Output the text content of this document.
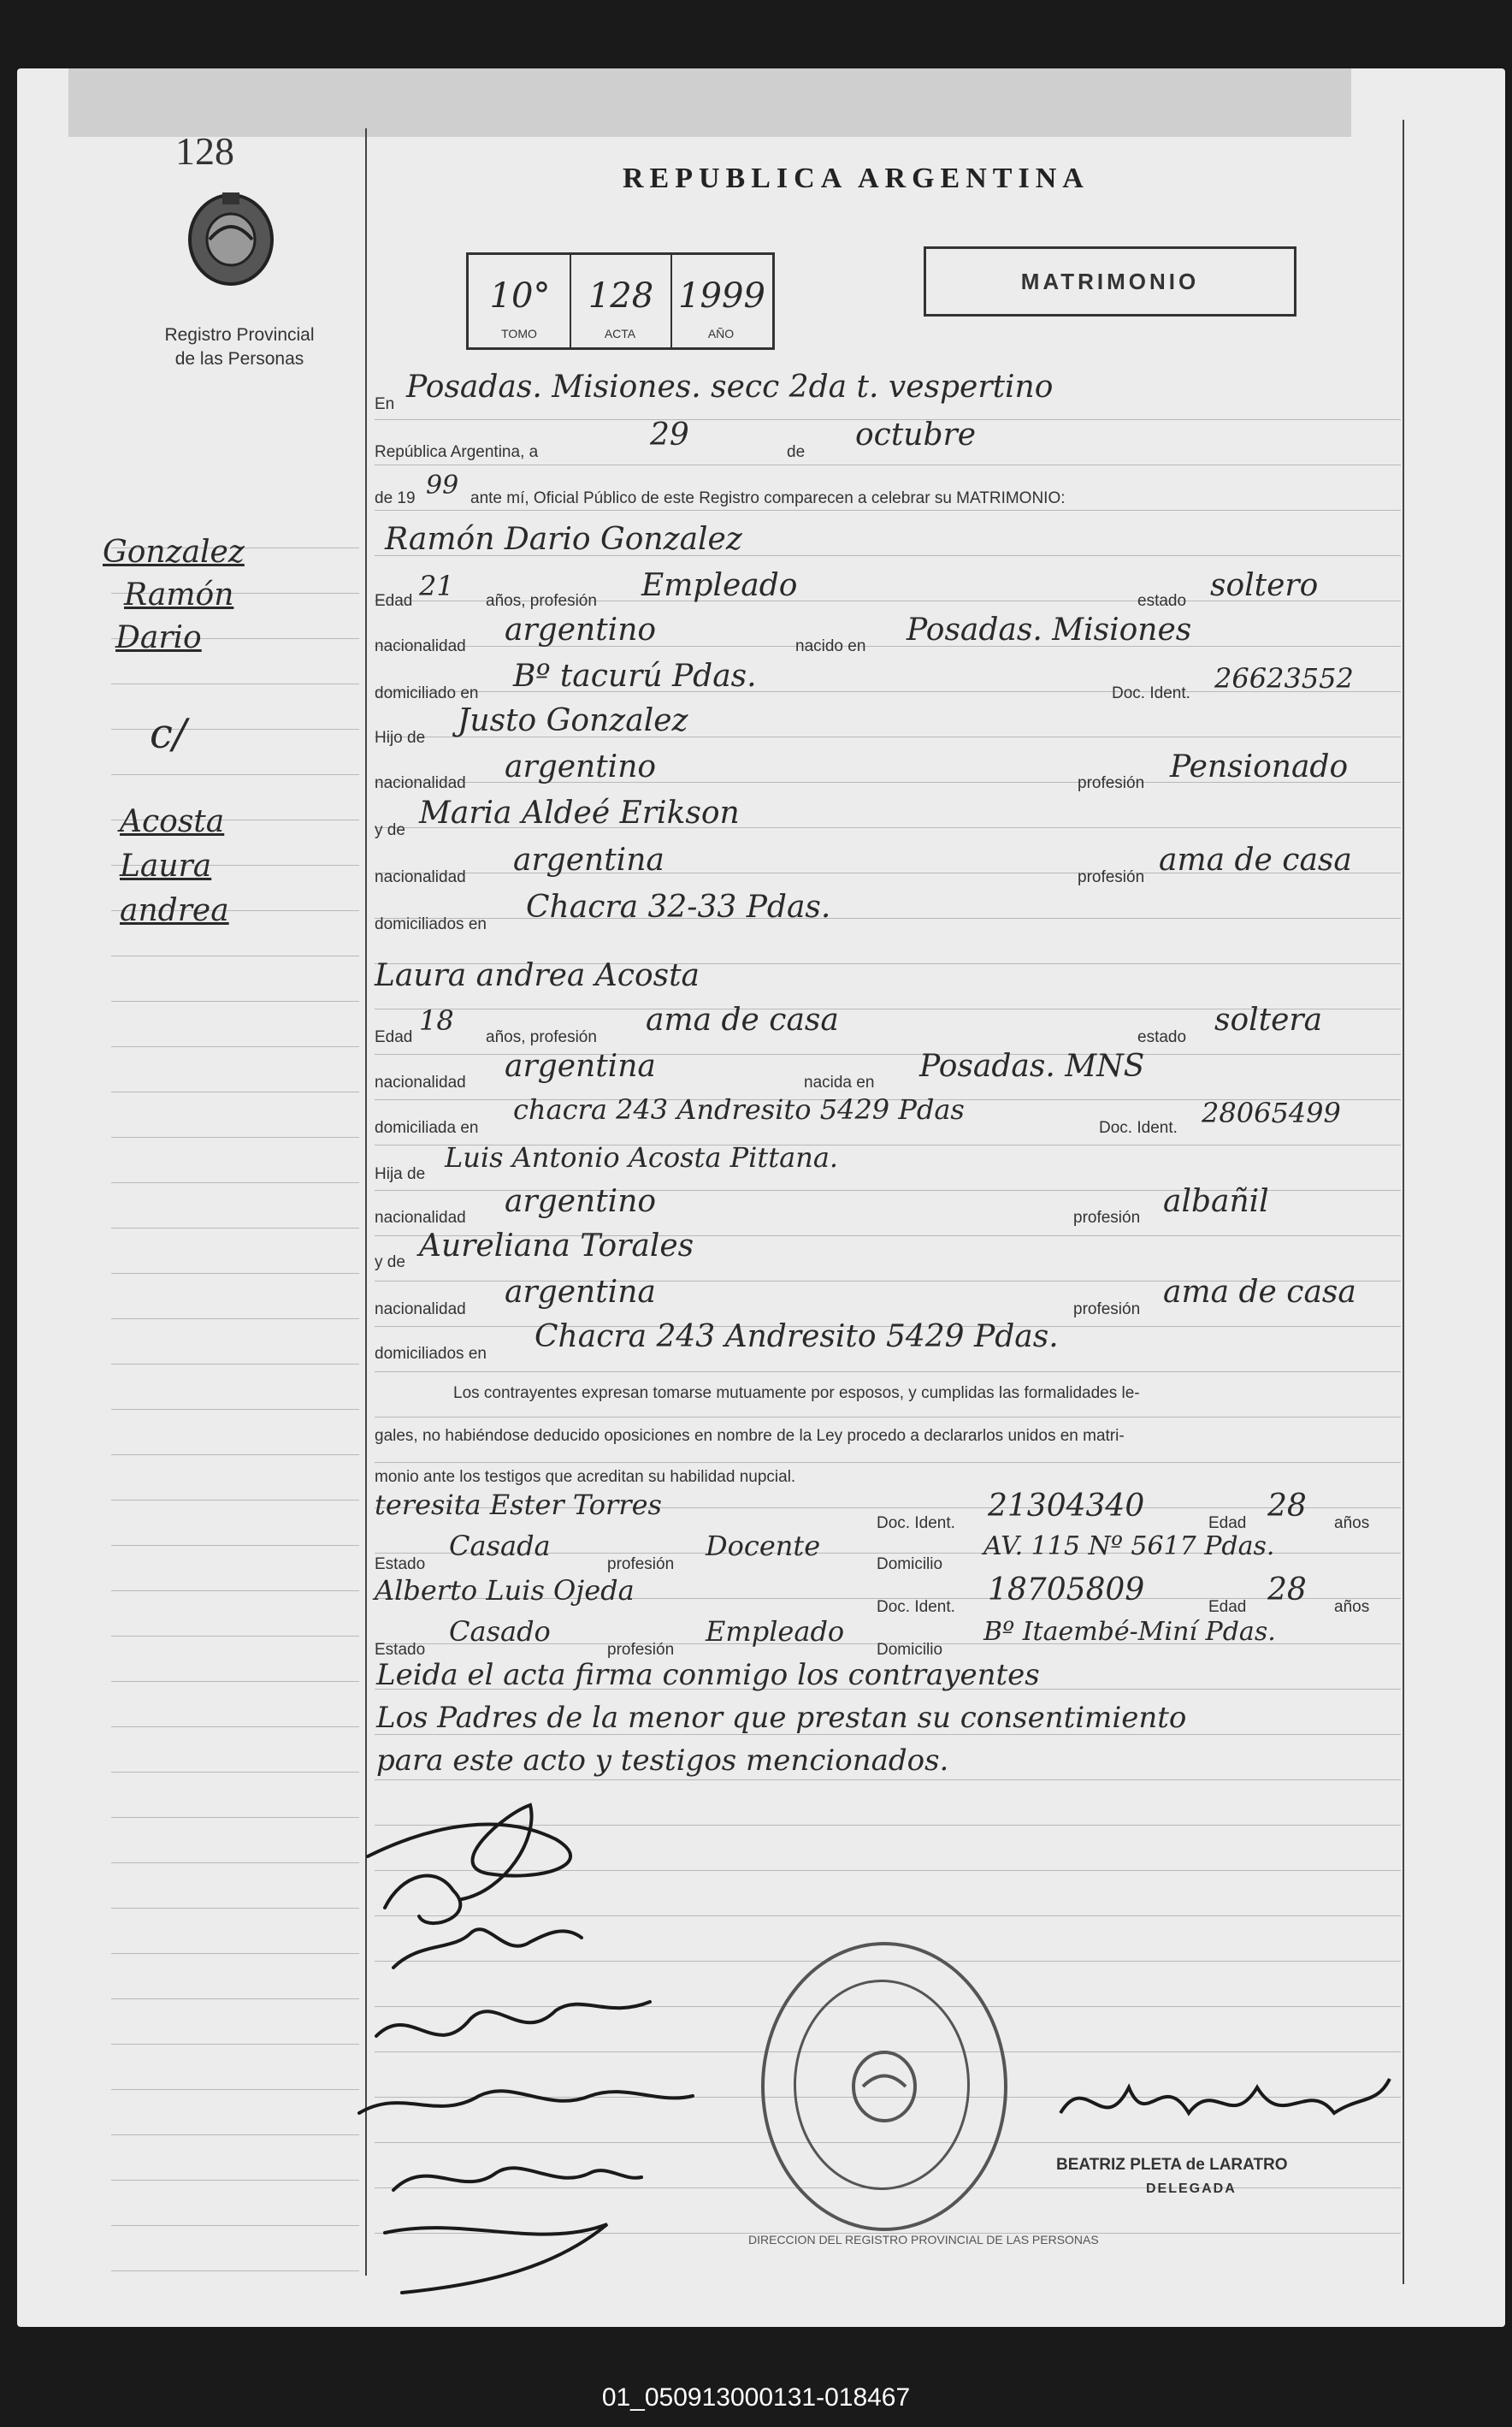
128
Registro Provincial
de las Personas
REPUBLICA ARGENTINA
10°	128 1999
TOMO	ACTA	AÑO
MATRIMONIO
En Posadas. Misiones. secc 2da t. vespertino
República Argentina, a	29	de octubre
de 19 99 ante mí, Oficial Público de este Registro comparecen a celebrar su MATRIMONIO:
Gonzalez
Ramón
Dario
c/
Acosta
Laura
andrea
Ramón Dario Gonzalez
Edad 21 años, profesión Empleado	estado soltero
nacionalidad argentino	nacido en Posadas. Misiones
domiciliado en Bº tacurú Pdas.	Doc. Ident. 26623552
Hijo de Justo Gonzalez
nacionalidad argentino	profesión Pensionado
y de Maria Aldeé Erikson
nacionalidad argentina	profesión ama de casa
domiciliados en Chacra 32-33 Pdas.
Laura andrea Acosta
Edad
18
años, profesión ama de casa	estado soltera
nacionalidad argentina	nacida en Posadas. MNS
domiciliada en
chacra 243 Andresito 5429 Pdas
Doc. Ident. 28065499
Hija de
Luis Antonio Acosta Pittana.
nacionalidad argentino	profesión albañil
y de Aureliana Torales
nacionalidad argentina	profesión ama de casa
domiciliados en Chacra 243 Andresito 5429 Pdas.
Los contrayentes expresan tomarse mutuamente por esposos, y cumplidas las formalidades le-
gales, no habiéndose deducido oposiciones en nombre de la Ley procedo a declararlos unidos en matri-
monio ante los testigos que acreditan su habilidad nupcial.
teresita Ester Torres
Doc. Ident. 21304340	Edad 28 años
Estado
Casada
profesión
Docente
Domicilio
AV. 115 Nº 5617 Pdas.
Alberto Luis Ojeda
Doc. Ident. 18705809	Edad 28 años
Estado
Casado
profesión
Empleado
Domicilio
Bº Itaembé-Miní Pdas.
Leida el acta firma conmigo los contrayentes
Los Padres de la menor que prestan su consentimiento
para este acto y testigos mencionados.
DIRECCION DEL REGISTRO PROVINCIAL DE LAS PERSONAS
BEATRIZ PLETA de LARATRO
DELEGADA
01_050913000131-018467
